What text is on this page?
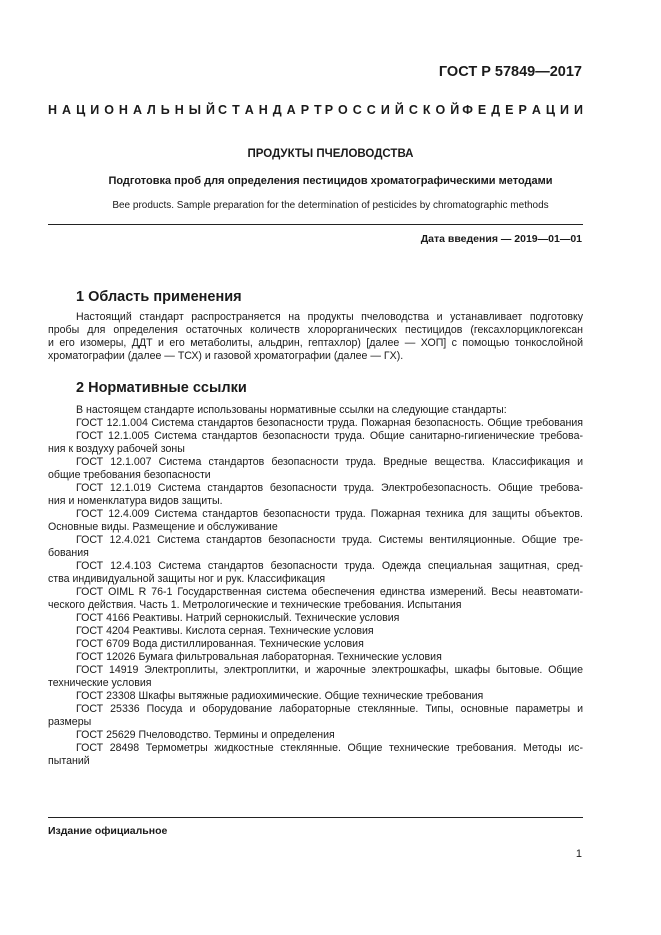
ГОСТ Р 57849—2017
Н  А  Ц  И  О  Н  А  Л  Ь  Н  Ы  Й С  Т  А  Н  Д  А  Р  Т Р  О  С  С  И  Й  С  К  О  Й Ф  Е  Д  Е  Р  А  Ц  И  И
ПРОДУКТЫ ПЧЕЛОВОДСТВА
Подготовка проб для определения пестицидов хроматографическими методами
Bee products. Sample preparation for the determination of pesticides by chromatographic methods
Дата введения — 2019—01—01
1 Область применения
Настоящий стандарт распространяется на продукты пчеловодства и устанавливает подготовку
пробы для определения остаточных количеств хлорорганических пестицидов (гексахлорциклогексан
и его изомеры, ДДТ и его метаболиты, альдрин, гептахлор) [далее — ХОП] с помощью тонкослойной
хроматографии (далее — ТСХ) и газовой хроматографии (далее — ГХ).
2 Нормативные ссылки
В настоящем стандарте использованы нормативные ссылки на следующие стандарты:
ГОСТ 12.1.004 Система стандартов безопасности труда. Пожарная безопасность. Общие требования
ГОСТ 12.1.005 Система стандартов безопасности труда. Общие санитарно-гигиенические требова-
ния к воздуху рабочей зоны
ГОСТ 12.1.007 Система стандартов безопасности труда. Вредные вещества. Классификация и
общие требования безопасности
ГОСТ 12.1.019 Система стандартов безопасности труда. Электробезопасность. Общие требова-
ния и номенклатура видов защиты.
ГОСТ 12.4.009 Система стандартов безопасности труда. Пожарная техника для защиты объектов.
Основные виды. Размещение и обслуживание
ГОСТ 12.4.021 Система стандартов безопасности труда. Системы вентиляционные. Общие тре-
бования
ГОСТ 12.4.103 Система стандартов безопасности труда. Одежда специальная защитная, сред-
ства индивидуальной защиты ног и рук. Классификация
ГОСТ OIML R 76-1 Государственная система обеспечения единства измерений. Весы неавтомати-
ческого действия. Часть 1. Метрологические и технические требования. Испытания
ГОСТ 4166 Реактивы. Натрий сернокислый. Технические условия
ГОСТ 4204 Реактивы. Кислота серная. Технические условия
ГОСТ 6709 Вода дистиллированная. Технические условия
ГОСТ 12026 Бумага фильтровальная лабораторная. Технические условия
ГОСТ 14919 Электроплиты, электроплитки, и жарочные электрошкафы, шкафы бытовые. Общие
технические условия
ГОСТ 23308 Шкафы вытяжные радиохимические. Общие технические требования
ГОСТ 25336 Посуда и оборудование лабораторные стеклянные. Типы, основные параметры и
размеры
ГОСТ 25629 Пчеловодство. Термины и определения
ГОСТ 28498 Термометры жидкостные стеклянные. Общие технические требования. Методы ис-
пытаний
Издание официальное
1
